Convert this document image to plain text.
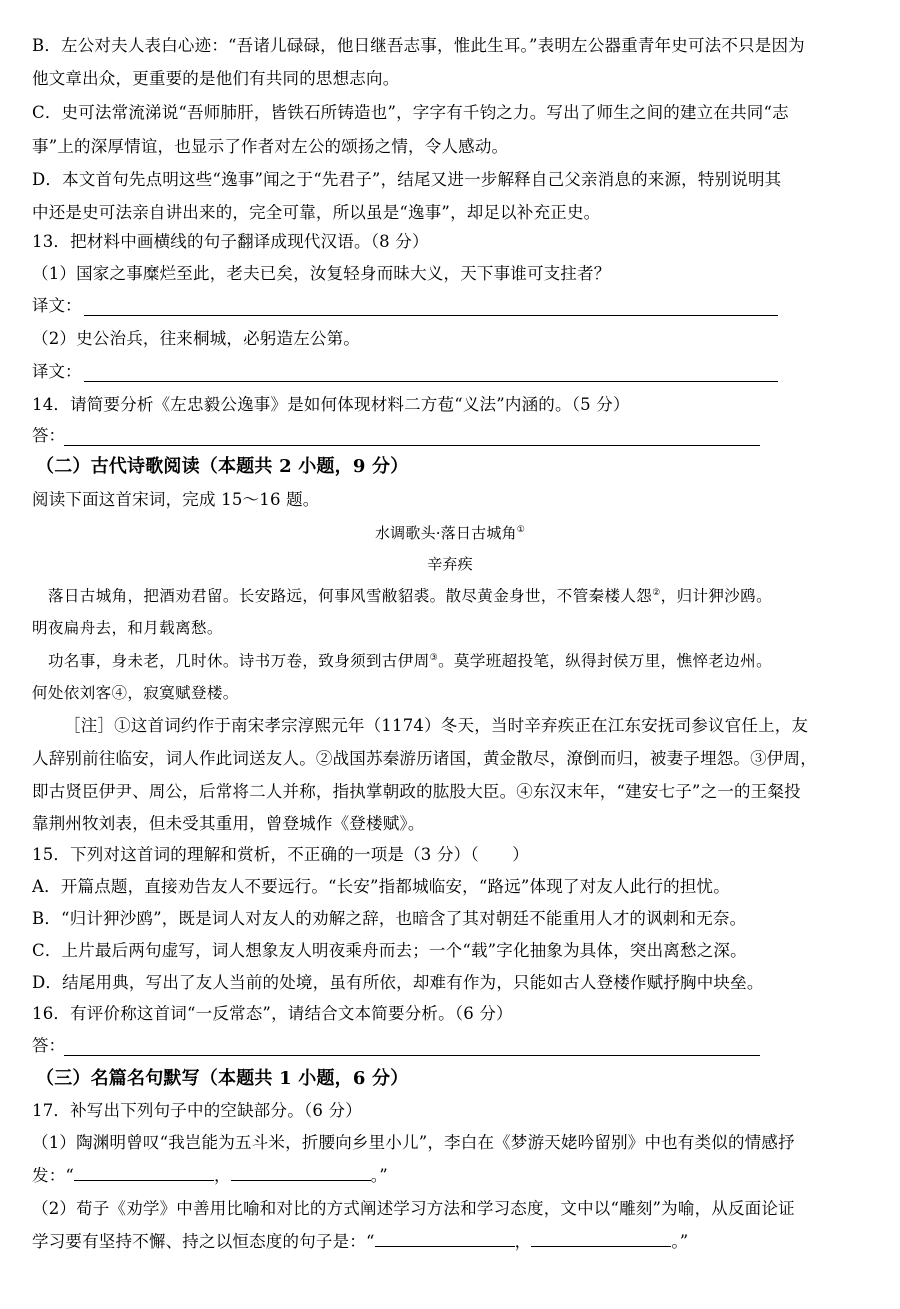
B．左公对夫人表白心迹：“吾诸儿碌碌，他日继吾志事，惟此生耳。”表明左公器重青年史可法不只是因为
他文章出众，更重要的是他们有共同的思想志向。
C．史可法常流涕说“吾师肺肝，皆铁石所铸造也”，字字有千钧之力。写出了师生之间的建立在共同“志
事”上的深厚情谊，也显示了作者对左公的颂扬之情，令人感动。
D．本文首句先点明这些“逸事”闻之于“先君子”，结尾又进一步解释自己父亲消息的来源，特别说明其
中还是史可法亲自讲出来的，完全可靠，所以虽是“逸事”，却足以补充正史。
13．把材料中画横线的句子翻译成现代汉语。（8 分）
（1）国家之事糜烂至此，老夫已矣，汝复轻身而昧大义，天下事谁可支拄者？
译文：
（2）史公治兵，往来桐城，必躬造左公第。
译文：
14．请简要分析《左忠毅公逸事》是如何体现材料二方苞“义法”内涵的。（5 分）
答：
（二）古代诗歌阅读（本题共 2 小题，9 分）
阅读下面这首宋词，完成 15～16 题。
水调歌头·落日古城角①
辛弃疾
落日古城角，把酒劝君留。长安路远，何事风雪敝貂裘。散尽黄金身世，不管秦楼人怨②，归计狎沙鸥。
明夜扁舟去，和月载离愁。
功名事，身未老，几时休。诗书万卷，致身须到古伊周③。莫学班超投笔，纵得封侯万里，憔悴老边州。
何处依刘客④，寂寞赋登楼。
［注］①这首词约作于南宋孝宗淳熙元年（1174）冬天，当时辛弃疾正在江东安抚司参议官任上，友
人辞别前往临安，词人作此词送友人。②战国苏秦游历诸国，黄金散尽，潦倒而归，被妻子埋怨。③伊周，
即古贤臣伊尹、周公，后常将二人并称，指执掌朝政的肱股大臣。④东汉末年，“建安七子”之一的王粲投
靠荆州牧刘表，但未受其重用，曾登城作《登楼赋》。
15．下列对这首词的理解和赏析，不正确的一项是（3 分）（　　）
A．开篇点题，直接劝告友人不要远行。“长安”指都城临安，“路远”体现了对友人此行的担忧。
B．“归计狎沙鸥”，既是词人对友人的劝解之辞，也暗含了其对朝廷不能重用人才的讽刺和无奈。
C．上片最后两句虚写，词人想象友人明夜乘舟而去；一个“载”字化抽象为具体，突出离愁之深。
D．结尾用典，写出了友人当前的处境，虽有所依，却难有作为，只能如古人登楼作赋抒胸中块垒。
16．有评价称这首词“一反常态”，请结合文本简要分析。（6 分）
答：
（三）名篇名句默写（本题共 1 小题，6 分）
17．补写出下列句子中的空缺部分。（6 分）
（1）陶渊明曾叹“我岂能为五斗米，折腰向乡里小儿”，李白在《梦游天姥吟留别》中也有类似的情感抒
发：“	，	。”
（2）荀子《劝学》中善用比喻和对比的方式阐述学习方法和学习态度，文中以“雕刻”为喻，从反面论证
学习要有坚持不懈、持之以恒态度的句子是：“	，	。”
